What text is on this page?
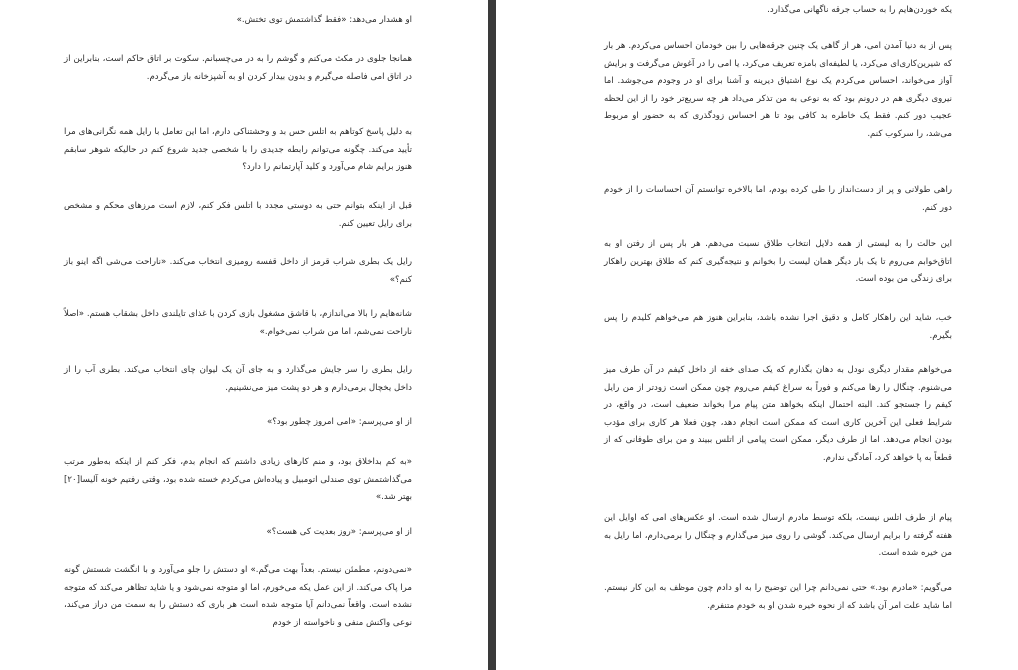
او هشدار می‌دهد: «فقط گذاشتمش توی تختش.»

همانجا جلوی در مکث می‌کنم و گوشم را به در می‌چسبانم. سکوت بر اتاق حاکم است، بنابراین از در اتاق امی فاصله می‌گیرم و بدون بیدار کردن او به آشپزخانه باز می‌گردم.

به دلیل پاسخ کوتاهم به اتلس حس بد و وحشتناکی دارم، اما این تعامل با رایل همه نگرانی‌های مرا تأیید می‌کند. چگونه می‌توانم رابطه جدیدی را با شخصی جدید شروع کنم در حالیکه شوهر سابقم هنوز برایم شام می‌آورد و کلید آپارتمانم را دارد؟

قبل از اینکه بتوانم حتی به دوستی مجدد با اتلس فکر کنم، لازم است مرزهای محکم و مشخص برای رایل تعیین کنم.

رایل یک بطری شراب قرمز از داخل قفسه رومیزی انتخاب می‌کند. «ناراحت می‌شی اگه اینو باز کنم؟»

شانه‌هایم را بالا می‌اندازم، با قاشق مشغول بازی کردن با غذای تایلندی داخل بشقاب هستم. «اصلاً ناراحت نمی‌شم، اما من شراب نمی‌خوام.»

رایل بطری را سر جایش می‌گذارد و به جای آن یک لیوان چای انتخاب می‌کند. بطری آب را از داخل یخچال برمی‌دارم و هر دو پشت میز می‌نشینیم.

از او می‌پرسم: «امی امروز چطور بود؟»

«به کم بداخلاق بود، و منم کارهای زیادی داشتم که انجام بدم، فکر کنم از اینکه به‌طور مرتب می‌گذاشتمش توی صندلی اتومبیل و پیاده‌اش می‌کردم خسته شده بود، وقتی رفتیم خونه آلیسا[۲۰] بهتر شد.»

از او می‌پرسم: «روز بعدیت کی هست؟»

«نمی‌دونم، مطمئن نیستم. بعداً بهت می‌گم.» او دستش را جلو می‌آورد و با انگشت شستش گونه مرا پاک می‌کند. از این عمل یکه می‌خورم، اما او متوجه نمی‌شود و یا شاید تظاهر می‌کند که متوجه نشده است. واقعاً نمی‌دانم آیا متوجه شده است هر باری که دستش را به سمت من دراز می‌کند، نوعی واکنش منفی و ناخواسته از خودم

یکه خوردن‌هایم را به حساب جرقه ناگهانی می‌گذارد.

پس از به دنیا آمدن امی، هر از گاهی یک چنین جرقه‌هایی را بین خودمان احساس می‌کردم. هر بار که شیرین‌کاری‌ای می‌کرد، یا لطیفه‌ای بامزه تعریف می‌کرد، یا امی را در آغوش می‌گرفت و برایش آواز می‌خواند، احساس می‌کردم یک نوع اشتیاق دیرینه و آشنا برای او در وجودم می‌جوشد. اما نیروی دیگری هم در درونم بود که به نوعی به من تذکر می‌داد هر چه سریع‌تر خود را از این لحظه عجیب دور کنم. فقط یک خاطره بد کافی بود تا هر احساس زودگذری که به حضور او مربوط می‌شد، را سرکوب کنم.

راهی طولانی و پر از دست‌انداز را طی کرده بودم، اما بالاخره توانستم آن احساسات را از خودم دور کنم.

این حالت را به لیستی از همه دلایل انتخاب طلاق نسبت می‌دهم. هر بار پس از رفتن او به اتاق‌خوابم می‌روم تا یک بار دیگر همان لیست را بخوانم و نتیجه‌گیری کنم که طلاق بهترین راهکار برای زندگی من بوده است.

خب، شاید این راهکار کامل و دقیق اجرا نشده باشد، بنابراین هنوز هم می‌خواهم کلیدم را پس بگیرم.

می‌خواهم مقدار دیگری نودل به دهان بگذارم که یک صدای خفه از داخل کیفم در آن طرف میز می‌شنوم. چنگال را رها می‌کنم و فوراً به سراغ کیفم می‌روم چون ممکن است زودتر از من رایل کیفم را جستجو کند. البته احتمال اینکه بخواهد متن پیام مرا بخواند ضعیف است، در واقع، در شرایط فعلی این آخرین کاری است که ممکن است انجام دهد، چون فعلا هر کاری برای مؤدب بودن انجام می‌دهد. اما از طرف دیگر، ممکن است پیامی از اتلس ببیند و من برای طوفانی که از قطعاً به پا خواهد کرد، آمادگی ندارم.

پیام از طرف اتلس نیست، بلکه توسط مادرم ارسال شده است. او عکس‌های امی که اوایل این هفته گرفته را برایم ارسال می‌کند. گوشی را روی میز می‌گذارم و چنگال را برمی‌دارم، اما رایل به من خیره شده است.

می‌گویم: «مادرم بود.» حتی نمی‌دانم چرا این توضیح را به او دادم چون موظف به این کار نیستم. اما شاید علت امر آن باشد که از نحوه خیره شدن او به خودم متنفرم.
